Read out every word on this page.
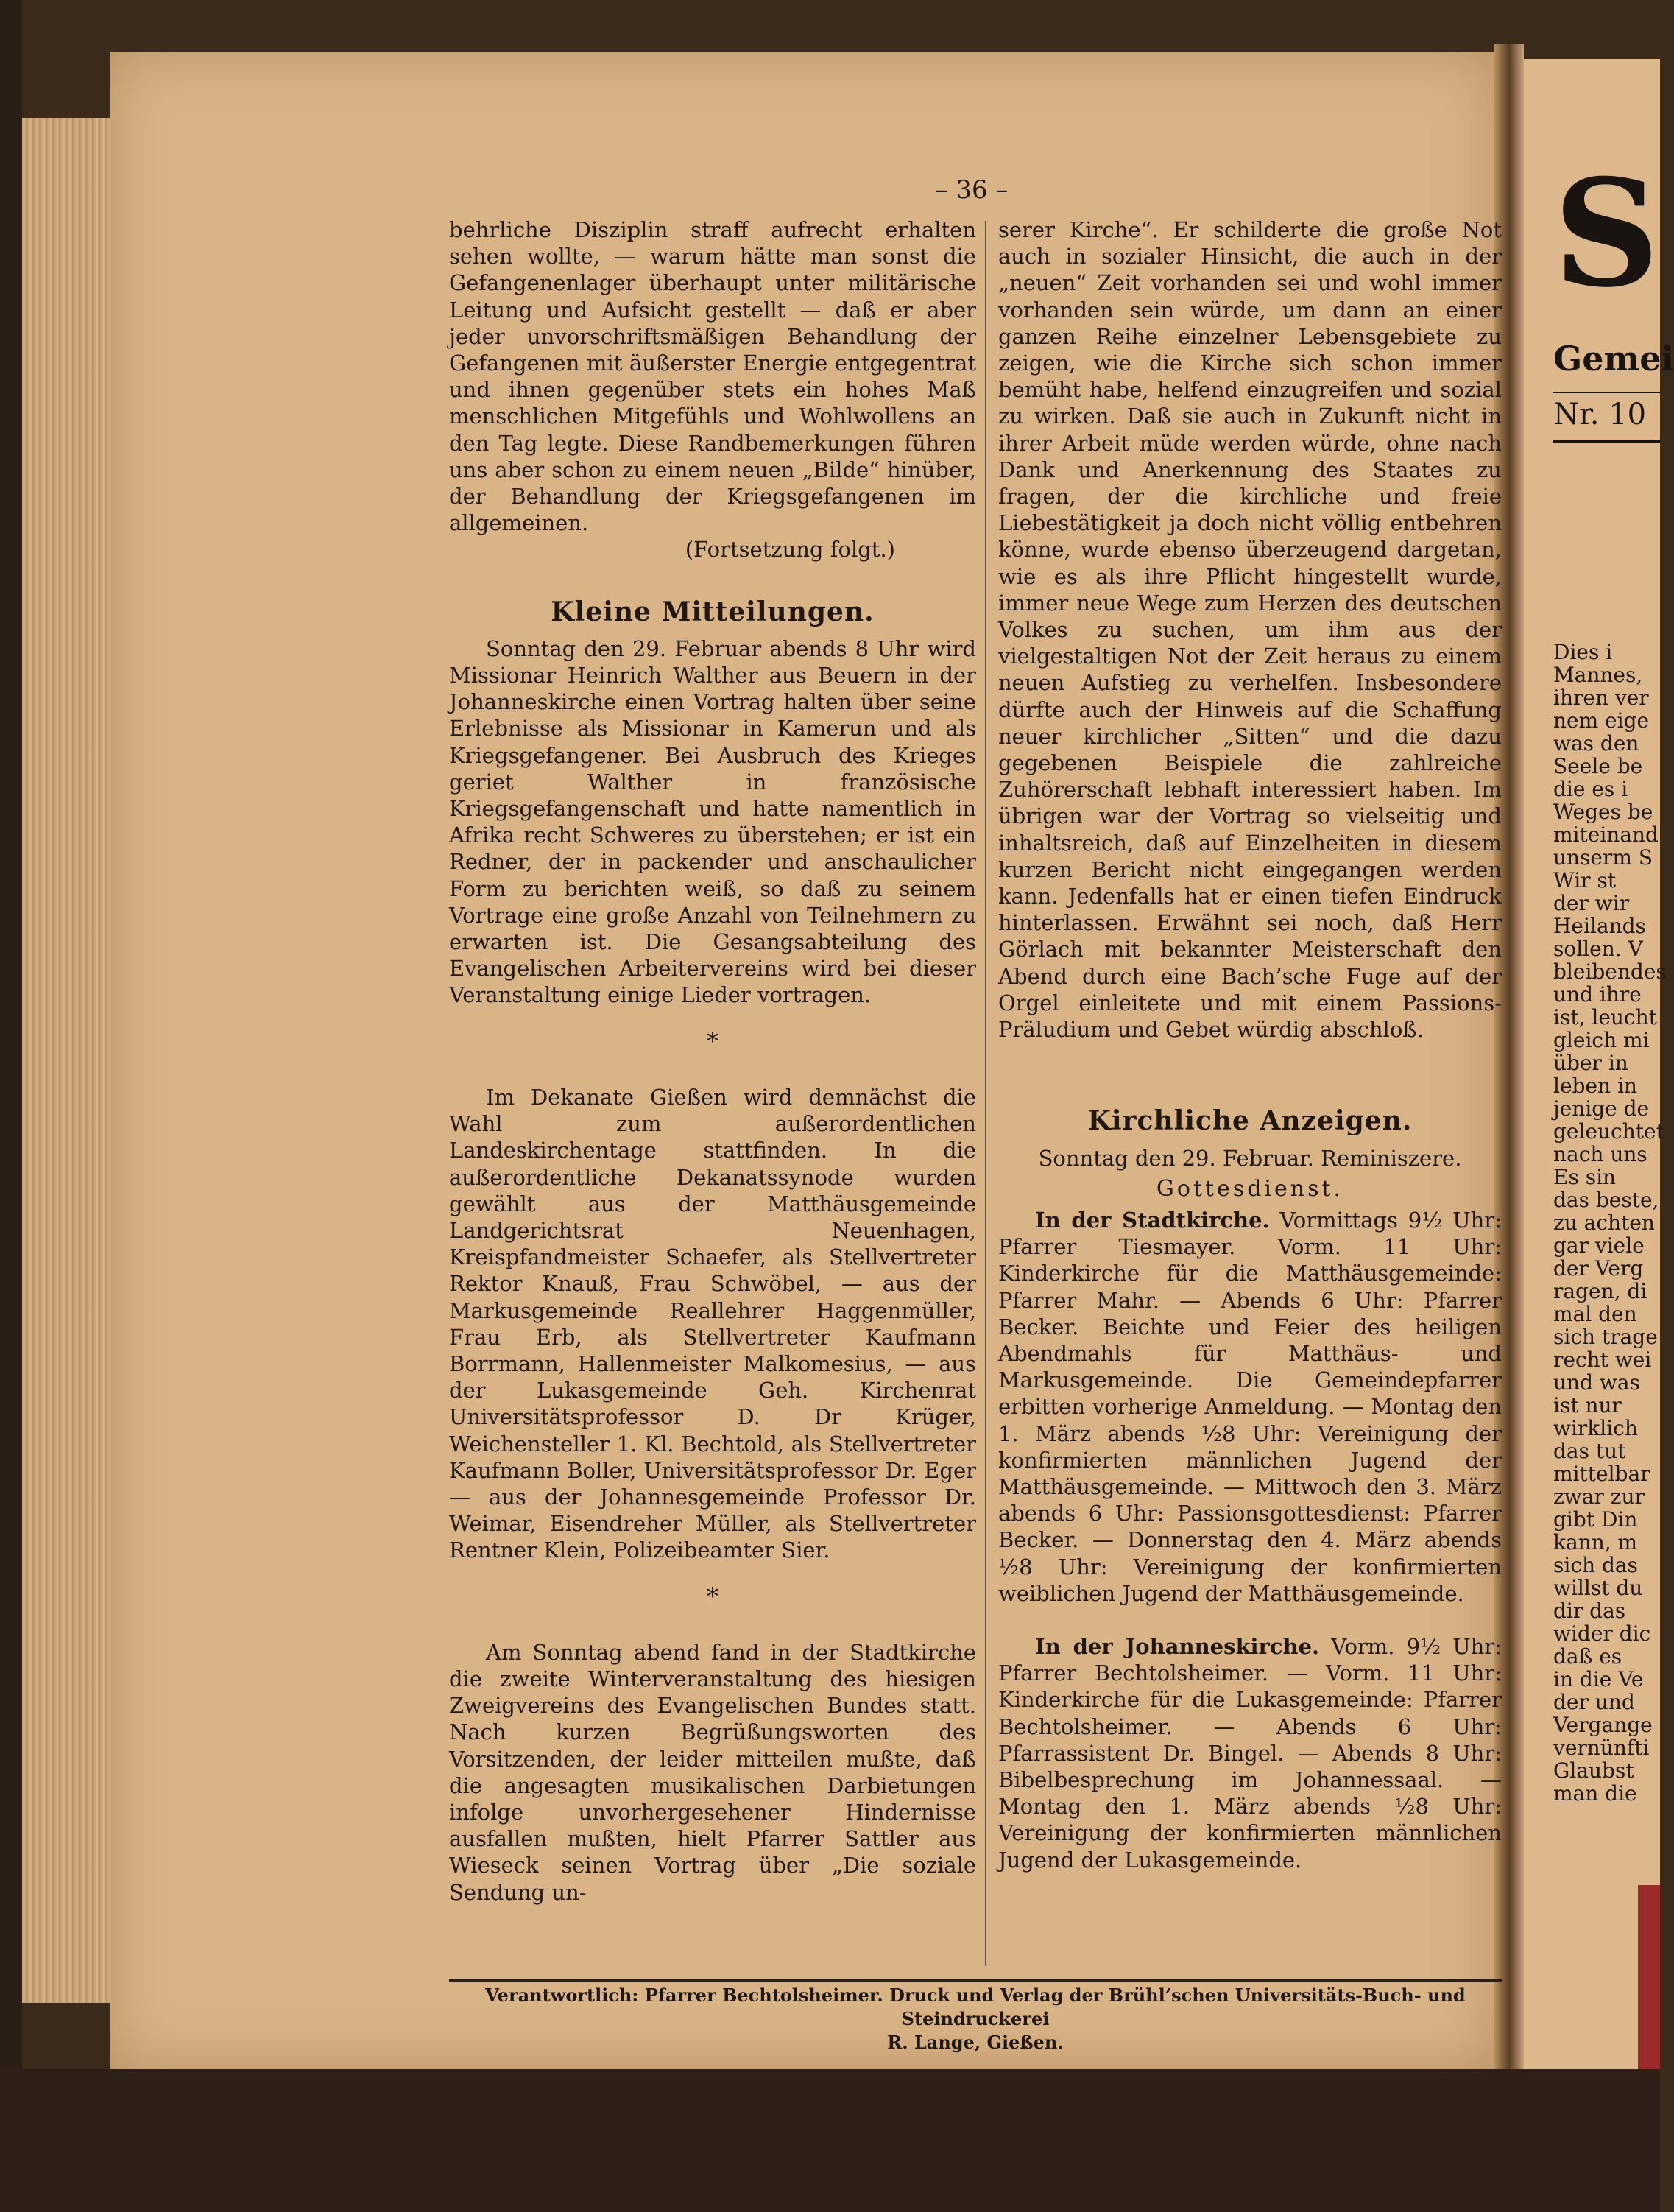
– 36 –

behrliche Disziplin straff aufrecht erhalten sehen wollte, — warum hätte man sonst die Gefangenenlager überhaupt unter militärische Leitung und Aufsicht gestellt — daß er aber jeder unvorschriftsmäßigen Behandlung der Gefangenen mit äußerster Energie entgegentrat und ihnen gegenüber stets ein hohes Maß menschlichen Mitgefühls und Wohlwollens an den Tag legte. Diese Randbemerkungen führen uns aber schon zu einem neuen „Bilde“ hinüber, der Behandlung der Kriegsgefangenen im allgemeinen.

(Fortsetzung folgt.)

Kleine Mitteilungen.

Sonntag den 29. Februar abends 8 Uhr wird Missionar Heinrich Walther aus Beuern in der Johanneskirche einen Vortrag halten über seine Erlebnisse als Missionar in Kamerun und als Kriegsgefangener. Bei Ausbruch des Krieges geriet Walther in französische Kriegsgefangenschaft und hatte namentlich in Afrika recht Schweres zu überstehen; er ist ein Redner, der in packender und anschaulicher Form zu berichten weiß, so daß zu seinem Vortrage eine große Anzahl von Teilnehmern zu erwarten ist. Die Gesangsabteilung des Evangelischen Arbeitervereins wird bei dieser Veranstaltung einige Lieder vortragen.

*

Im Dekanate Gießen wird demnächst die Wahl zum außerordentlichen Landeskirchentage stattfinden. In die außerordentliche Dekanatssynode wurden gewählt aus der Matthäusgemeinde Landgerichtsrat Neuenhagen, Kreispfandmeister Schaefer, als Stellvertreter Rektor Knauß, Frau Schwöbel, — aus der Markusgemeinde Reallehrer Haggenmüller, Frau Erb, als Stellvertreter Kaufmann Borrmann, Hallenmeister Malkomesius, — aus der Lukasgemeinde Geh. Kirchenrat Universitätsprofessor D. Dr Krüger, Weichensteller 1. Kl. Bechtold, als Stellvertreter Kaufmann Boller, Universitätsprofessor Dr. Eger — aus der Johannesgemeinde Professor Dr. Weimar, Eisendreher Müller, als Stellvertreter Rentner Klein, Polizeibeamter Sier.

*

Am Sonntag abend fand in der Stadtkirche die zweite Winterveranstaltung des hiesigen Zweigvereins des Evangelischen Bundes statt. Nach kurzen Begrüßungsworten des Vorsitzenden, der leider mitteilen mußte, daß die angesagten musikalischen Darbietungen infolge unvorhergesehener Hindernisse ausfallen mußten, hielt Pfarrer Sattler aus Wieseck seinen Vortrag über „Die soziale Sendung un-

serer Kirche“. Er schilderte die große Not auch in sozialer Hinsicht, die auch in der „neuen“ Zeit vorhanden sei und wohl immer vorhanden sein würde, um dann an einer ganzen Reihe einzelner Lebensgebiete zu zeigen, wie die Kirche sich schon immer bemüht habe, helfend einzugreifen und sozial zu wirken. Daß sie auch in Zukunft nicht in ihrer Arbeit müde werden würde, ohne nach Dank und Anerkennung des Staates zu fragen, der die kirchliche und freie Liebestätigkeit ja doch nicht völlig entbehren könne, wurde ebenso überzeugend dargetan, wie es als ihre Pflicht hingestellt wurde, immer neue Wege zum Herzen des deutschen Volkes zu suchen, um ihm aus der vielgestaltigen Not der Zeit heraus zu einem neuen Aufstieg zu verhelfen. Insbesondere dürfte auch der Hinweis auf die Schaffung neuer kirchlicher „Sitten“ und die dazu gegebenen Beispiele die zahlreiche Zuhörerschaft lebhaft interessiert haben. Im übrigen war der Vortrag so vielseitig und inhaltsreich, daß auf Einzelheiten in diesem kurzen Bericht nicht eingegangen werden kann. Jedenfalls hat er einen tiefen Eindruck hinterlassen. Erwähnt sei noch, daß Herr Görlach mit bekannter Meisterschaft den Abend durch eine Bach’sche Fuge auf der Orgel einleitete und mit einem Passions-Präludium und Gebet würdig abschloß.

Kirchliche Anzeigen.

Sonntag den 29. Februar. Reminiszere.

Gottesdienst.

In der Stadtkirche. Vormittags 9½ Uhr: Pfarrer Tiesmayer. Vorm. 11 Uhr: Kinderkirche für die Matthäusgemeinde: Pfarrer Mahr. — Abends 6 Uhr: Pfarrer Becker. Beichte und Feier des heiligen Abendmahls für Matthäus- und Markusgemeinde. Die Gemeindepfarrer erbitten vorherige Anmeldung. — Montag den 1. März abends ½8 Uhr: Vereinigung der konfirmierten männlichen Jugend der Matthäusgemeinde. — Mittwoch den 3. März abends 6 Uhr: Passionsgottesdienst: Pfarrer Becker. — Donnerstag den 4. März abends ½8 Uhr: Vereinigung der konfirmierten weiblichen Jugend der Matthäusgemeinde.

In der Johanneskirche. Vorm. 9½ Uhr: Pfarrer Bechtolsheimer. — Vorm. 11 Uhr: Kinderkirche für die Lukasgemeinde: Pfarrer Bechtolsheimer. — Abends 6 Uhr: Pfarrassistent Dr. Bingel. — Abends 8 Uhr: Bibelbesprechung im Johannessaal. — Montag den 1. März abends ½8 Uhr: Vereinigung der konfirmierten männlichen Jugend der Lukasgemeinde.

Verantwortlich: Pfarrer Bechtolsheimer. Druck und Verlag der Brühl’schen Universitäts-Buch- und Steindruckerei
R. Lange, Gießen.
S
Gemei
Nr. 10
Dies i
Mannes,
ihren ver
nem eige
was den
Seele be
die es i
Weges be
miteinand
unserm S
Wir st
der wir
Heilands
sollen. V
bleibendes
und ihre
ist, leucht
gleich mi
über in
leben in
jenige de
geleuchtet
nach uns
Es sin
das beste,
zu achten
gar viele
der Verg
ragen, di
mal den
sich trage
recht wei
und was
ist nur
wirklich
das tut
mittelbar
zwar zur
gibt Din
kann, m
sich das
willst du
dir das
wider dic
daß es
in die Ve
der und
Vergange
vernünfti
Glaubst
man die
